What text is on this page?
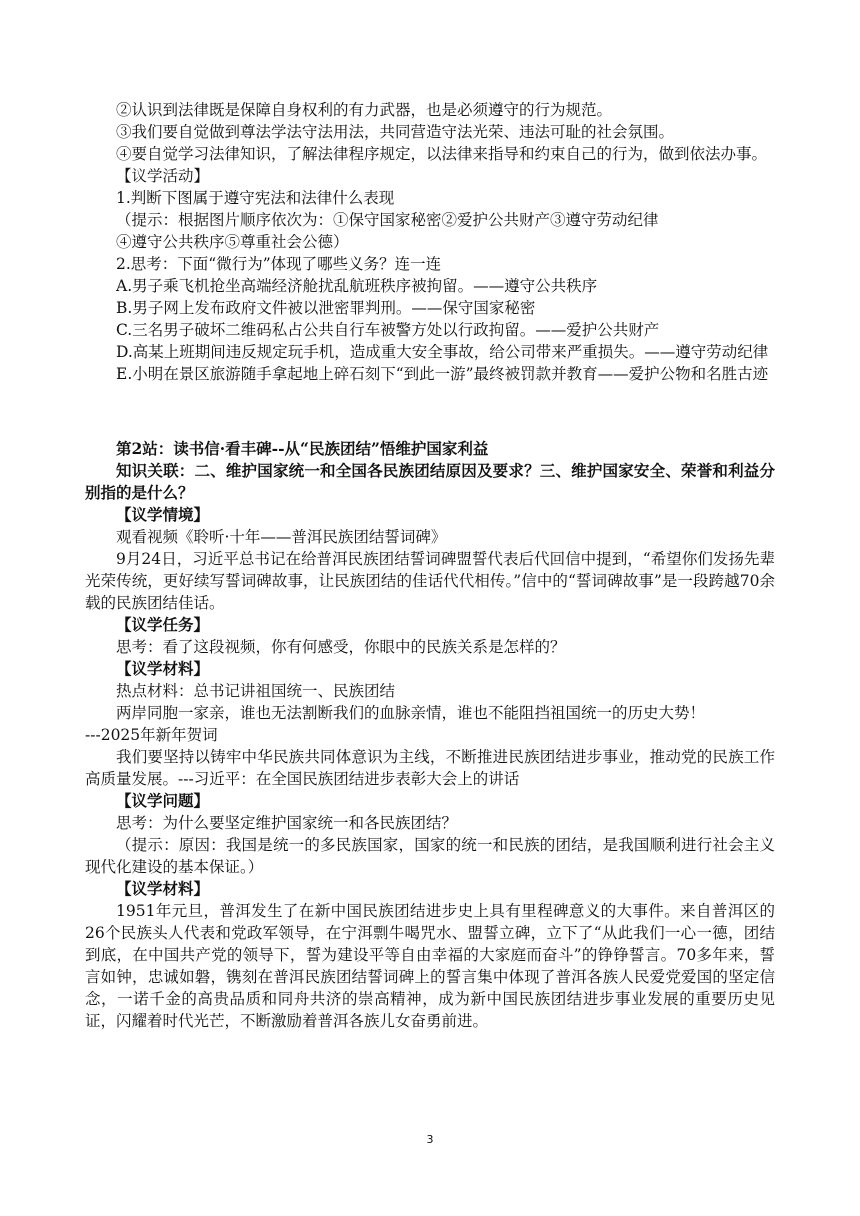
②认识到法律既是保障自身权利的有力武器，也是必须遵守的行为规范。

③我们要自觉做到尊法学法守法用法，共同营造守法光荣、违法可耻的社会氛围。

④要自觉学习法律知识，了解法律程序规定，以法律来指导和约束自己的行为，做到依法办事。

【议学活动】

1.判断下图属于遵守宪法和法律什么表现

（提示：根据图片顺序依次为：①保守国家秘密②爱护公共财产③遵守劳动纪律

④遵守公共秩序⑤尊重社会公德）

2.思考：下面“微行为”体现了哪些义务？连一连

A.男子乘飞机抢坐高端经济舱扰乱航班秩序被拘留。——遵守公共秩序

B.男子网上发布政府文件被以泄密罪判刑。——保守国家秘密

C.三名男子破坏二维码私占公共自行车被警方处以行政拘留。——爱护公共财产

D.高某上班期间违反规定玩手机，造成重大安全事故，给公司带来严重损失。——遵守劳动纪律

E.小明在景区旅游随手拿起地上碎石刻下“到此一游”最终被罚款并教育——爱护公物和名胜古迹

第2站：读书信·看丰碑--从“民族团结”悟维护国家利益

知识关联：二、维护国家统一和全国各民族团结原因及要求？三、维护国家安全、荣誉和利益分别指的是什么？

【议学情境】

观看视频《聆听·十年——普洱民族团结誓词碑》

9月24日，习近平总书记在给普洱民族团结誓词碑盟誓代表后代回信中提到，“希望你们发扬先辈光荣传统，更好续写誓词碑故事，让民族团结的佳话代代相传。”信中的“誓词碑故事”是一段跨越70余载的民族团结佳话。

【议学任务】

思考：看了这段视频，你有何感受，你眼中的民族关系是怎样的？

【议学材料】

热点材料：总书记讲祖国统一、民族团结

两岸同胞一家亲，谁也无法割断我们的血脉亲情，谁也不能阻挡祖国统一的历史大势！

---2025年新年贺词

我们要坚持以铸牢中华民族共同体意识为主线，不断推进民族团结进步事业，推动党的民族工作高质量发展。---习近平：在全国民族团结进步表彰大会上的讲话

【议学问题】

思考：为什么要坚定维护国家统一和各民族团结？

（提示：原因：我国是统一的多民族国家，国家的统一和民族的团结，是我国顺利进行社会主义现代化建设的基本保证。）

【议学材料】

1951年元旦，普洱发生了在新中国民族团结进步史上具有里程碑意义的大事件。来自普洱区的26个民族头人代表和党政军领导，在宁洱剽牛喝咒水、盟誓立碑，立下了“从此我们一心一德，团结到底，在中国共产党的领导下，誓为建设平等自由幸福的大家庭而奋斗”的铮铮誓言。70多年来，誓言如钟，忠诚如磐，镌刻在普洱民族团结誓词碑上的誓言集中体现了普洱各族人民爱党爱国的坚定信念，一诺千金的高贵品质和同舟共济的崇高精神，成为新中国民族团结进步事业发展的重要历史见证，闪耀着时代光芒，不断激励着普洱各族儿女奋勇前进。

3
